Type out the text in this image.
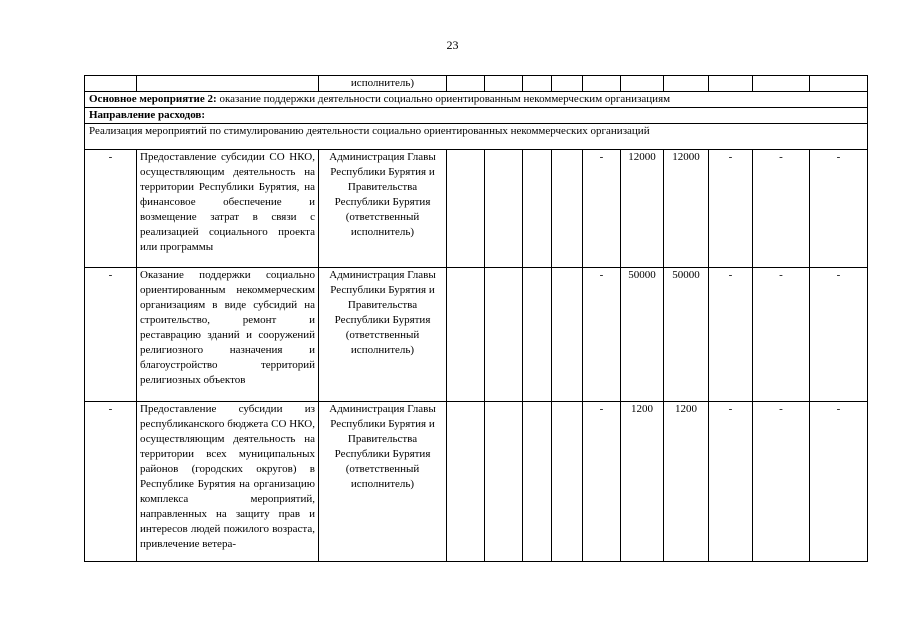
23
		исполнитель)										
Основное мероприятие 2: оказание поддержки деятельности социально ориентированным некоммерческим организациям												
Направление расходов:												
Реализация мероприятий по стимулированию деятельности социально ориентированных некоммерческих организаций												
-	Предоставление субсидии СО НКО, осуществляющим деятельность на территории Республики Бурятия, на финансовое обеспечение и возмещение затрат в связи с реализацией социального проекта или программы	Администрация Главы Республики Бурятия и Правительства Республики Бурятия (ответственный исполнитель)					-	12000	12000	-	-	-
-	Оказание поддержки социально ориентированным некоммерческим организациям в виде субсидий на строительство, ремонт и реставрацию зданий и сооружений религиозного назначения и благоустройство территорий религиозных объектов	Администрация Главы Республики Бурятия и Правительства Республики Бурятия (ответственный исполнитель)					-	50000	50000	-	-	-
-	Предоставление субсидии из республиканского бюджета СО НКО, осуществляющим деятельность на территории всех муниципальных районов (городских округов) в Республике Бурятия на организацию комплекса мероприятий, направленных на защиту прав и интересов людей пожилого возраста, привлечение ветера-	Администрация Главы Республики Бурятия и Правительства Республики Бурятия (ответственный исполнитель)					-	1200	1200	-	-	-
